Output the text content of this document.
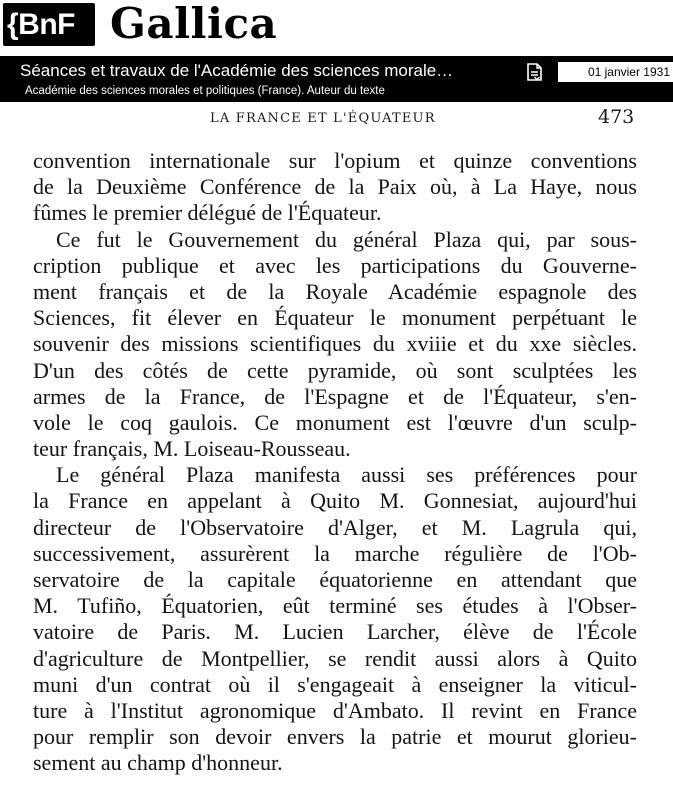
{BnF Gallica
Séances et travaux de l'Académie des sciences morale…
Académie des sciences morales et politiques (France). Auteur du texte
01 janvier 1931
LA FRANCE ET L'ÉQUATEUR	473
convention internationale sur l'opium et quinze conventions
de la Deuxième Conférence de la Paix où, à La Haye, nous
fûmes le premier délégué de l'Équateur.
Ce fut le Gouvernement du général Plaza qui, par sous-
cription publique et avec les participations du Gouverne-
ment français et de la Royale Académie espagnole des
Sciences, fit élever en Équateur le monument perpétuant le
souvenir des missions scientifiques du xviiie et du xxe siècles.
D'un des côtés de cette pyramide, où sont sculptées les
armes de la France, de l'Espagne et de l'Équateur, s'en-
vole le coq gaulois. Ce monument est l'œuvre d'un sculp-
teur français, M. Loiseau-Rousseau.
Le général Plaza manifesta aussi ses préférences pour
la France en appelant à Quito M. Gonnesiat, aujourd'hui
directeur de l'Observatoire d'Alger, et M. Lagrula qui,
successivement, assurèrent la marche régulière de l'Ob-
servatoire de la capitale équatorienne en attendant que
M. Tufiño, Équatorien, eût terminé ses études à l'Obser-
vatoire de Paris. M. Lucien Larcher, élève de l'École
d'agriculture de Montpellier, se rendit aussi alors à Quito
muni d'un contrat où il s'engageait à enseigner la viticul-
ture à l'Institut agronomique d'Ambato. Il revint en France
pour remplir son devoir envers la patrie et mourut glorieu-
sement au champ d'honneur.
